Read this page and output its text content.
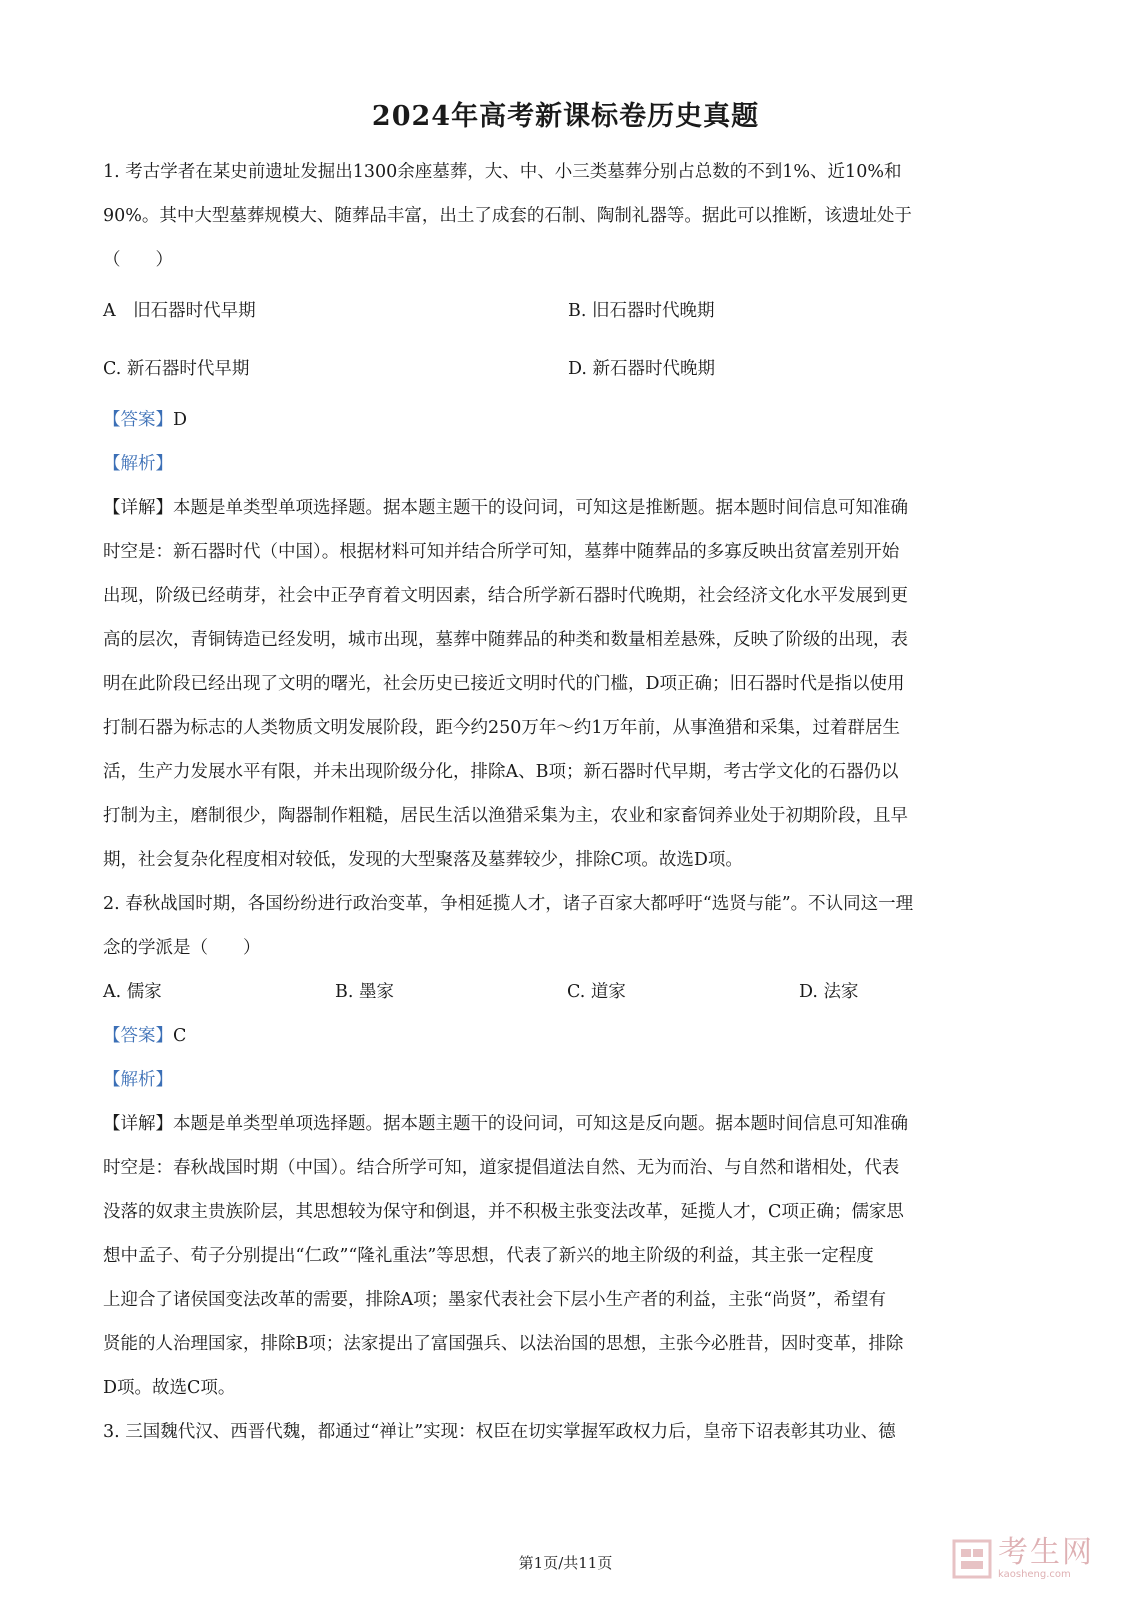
2024年高考新课标卷历史真题
1. 考古学者在某史前遗址发掘出1300余座墓葬，大、中、小三类墓葬分别占总数的不到1%、近10%和
90%。其中大型墓葬规模大、随葬品丰富，出土了成套的石制、陶制礼器等。据此可以推断，该遗址处于
（　　）
A　旧石器时代早期	B. 旧石器时代晚期
C. 新石器时代早期	D. 新石器时代晚期
【答案】D
【解析】
【详解】本题是单类型单项选择题。据本题主题干的设问词，可知这是推断题。据本题时间信息可知准确
时空是：新石器时代（中国）。根据材料可知并结合所学可知，墓葬中随葬品的多寡反映出贫富差别开始
出现，阶级已经萌芽，社会中正孕育着文明因素，结合所学新石器时代晚期，社会经济文化水平发展到更
高的层次，青铜铸造已经发明，城市出现，墓葬中随葬品的种类和数量相差悬殊，反映了阶级的出现，表
明在此阶段已经出现了文明的曙光，社会历史已接近文明时代的门槛，D项正确；旧石器时代是指以使用
打制石器为标志的人类物质文明发展阶段，距今约250万年～约1万年前，从事渔猎和采集，过着群居生
活，生产力发展水平有限，并未出现阶级分化，排除A、B项；新石器时代早期，考古学文化的石器仍以
打制为主，磨制很少，陶器制作粗糙，居民生活以渔猎采集为主，农业和家畜饲养业处于初期阶段，且早
期，社会复杂化程度相对较低，发现的大型聚落及墓葬较少，排除C项。故选D项。
2. 春秋战国时期，各国纷纷进行政治变革，争相延揽人才，诸子百家大都呼吁“选贤与能”。不认同这一理
念的学派是（　　）
A. 儒家	B. 墨家	C. 道家	D. 法家
【答案】C
【解析】
【详解】本题是单类型单项选择题。据本题主题干的设问词，可知这是反向题。据本题时间信息可知准确
时空是：春秋战国时期（中国）。结合所学可知，道家提倡道法自然、无为而治、与自然和谐相处，代表
没落的奴隶主贵族阶层，其思想较为保守和倒退，并不积极主张变法改革，延揽人才，C项正确；儒家思
想中孟子、荀子分别提出“仁政”“隆礼重法”等思想，代表了新兴的地主阶级的利益，其主张一定程度
上迎合了诸侯国变法改革的需要，排除A项；墨家代表社会下层小生产者的利益，主张“尚贤”，希望有
贤能的人治理国家，排除B项；法家提出了富国强兵、以法治国的思想，主张今必胜昔，因时变革，排除
D项。故选C项。
3. 三国魏代汉、西晋代魏，都通过“禅让”实现：权臣在切实掌握军政权力后，皇帝下诏表彰其功业、德
第1页/共11页	考生网
kaosheng.com
